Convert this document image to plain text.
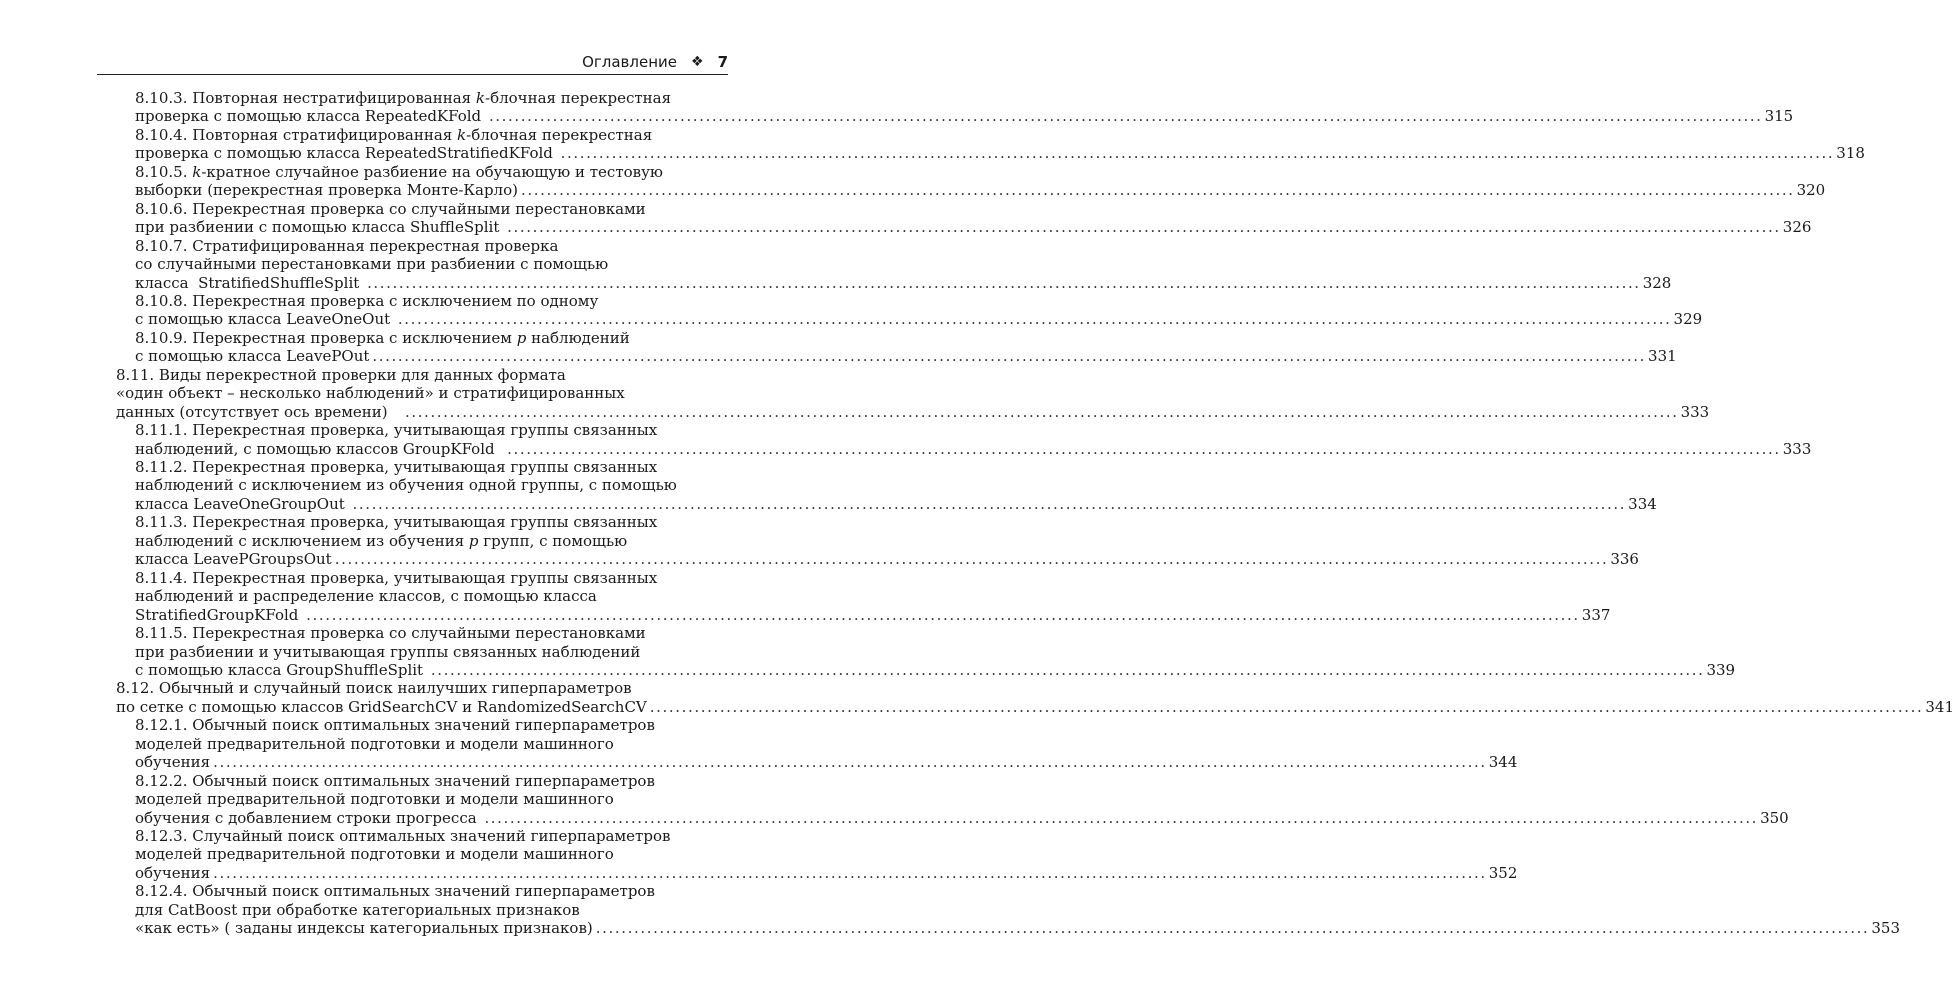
Оглавление ❖ 7
8.10.3. Повторная нестратифицированная k-блочная перекрестная
проверка с помощью класса RepeatedKFold ........................................................................................................................................................................................................ 315
8.10.4. Повторная стратифицированная k-блочная перекрестная
проверка с помощью класса RepeatedStratifiedKFold ........................................................................................................................................................................................................ 318
8.10.5. k-кратное случайное разбиение на обучающую и тестовую
выборки (перекрестная проверка Монте-Карло) ........................................................................................................................................................................................................ 320
8.10.6. Перекрестная проверка со случайными перестановками
при разбиении с помощью класса ShuffleSplit ........................................................................................................................................................................................................ 326
8.10.7. Стратифицированная перекрестная проверка
со случайными перестановками при разбиении с помощью
класса  StratifiedShuffleSplit ........................................................................................................................................................................................................ 328
8.10.8. Перекрестная проверка с исключением по одному
с помощью класса LeaveOneOut ........................................................................................................................................................................................................ 329
8.10.9. Перекрестная проверка с исключением p наблюдений
с помощью класса LeavePOut ........................................................................................................................................................................................................ 331
8.11. Виды перекрестной проверки для данных формата
«один объект – несколько наблюдений» и стратифицированных
данных (отсутствует ось времени) ........................................................................................................................................................................................................ 333
8.11.1. Перекрестная проверка, учитывающая группы связанных
наблюдений, с помощью классов GroupKFold ........................................................................................................................................................................................................ 333
8.11.2. Перекрестная проверка, учитывающая группы связанных
наблюдений с исключением из обучения одной группы, с помощью
класса LeaveOneGroupOut ........................................................................................................................................................................................................ 334
8.11.3. Перекрестная проверка, учитывающая группы связанных
наблюдений с исключением из обучения p групп, с помощью
класса LeavePGroupsOut ........................................................................................................................................................................................................ 336
8.11.4. Перекрестная проверка, учитывающая группы связанных
наблюдений и распределение классов, с помощью класса
StratifiedGroupKFold ........................................................................................................................................................................................................ 337
8.11.5. Перекрестная проверка со случайными перестановками
при разбиении и учитывающая группы связанных наблюдений
с помощью класса GroupShuffleSplit ........................................................................................................................................................................................................ 339
8.12. Обычный и случайный поиск наилучших гиперпараметров
по сетке с помощью классов GridSearchCV и RandomizedSearchCV ........................................................................................................................................................................................................ 341
8.12.1. Обычный поиск оптимальных значений гиперпараметров
моделей предварительной подготовки и модели машинного
обучения ........................................................................................................................................................................................................ 344
8.12.2. Обычный поиск оптимальных значений гиперпараметров
моделей предварительной подготовки и модели машинного
обучения с добавлением строки прогресса ........................................................................................................................................................................................................ 350
8.12.3. Случайный поиск оптимальных значений гиперпараметров
моделей предварительной подготовки и модели машинного
обучения ........................................................................................................................................................................................................ 352
8.12.4. Обычный поиск оптимальных значений гиперпараметров
для CatBoost при обработке категориальных признаков
«как есть» ( заданы индексы категориальных признаков) ........................................................................................................................................................................................................ 353
